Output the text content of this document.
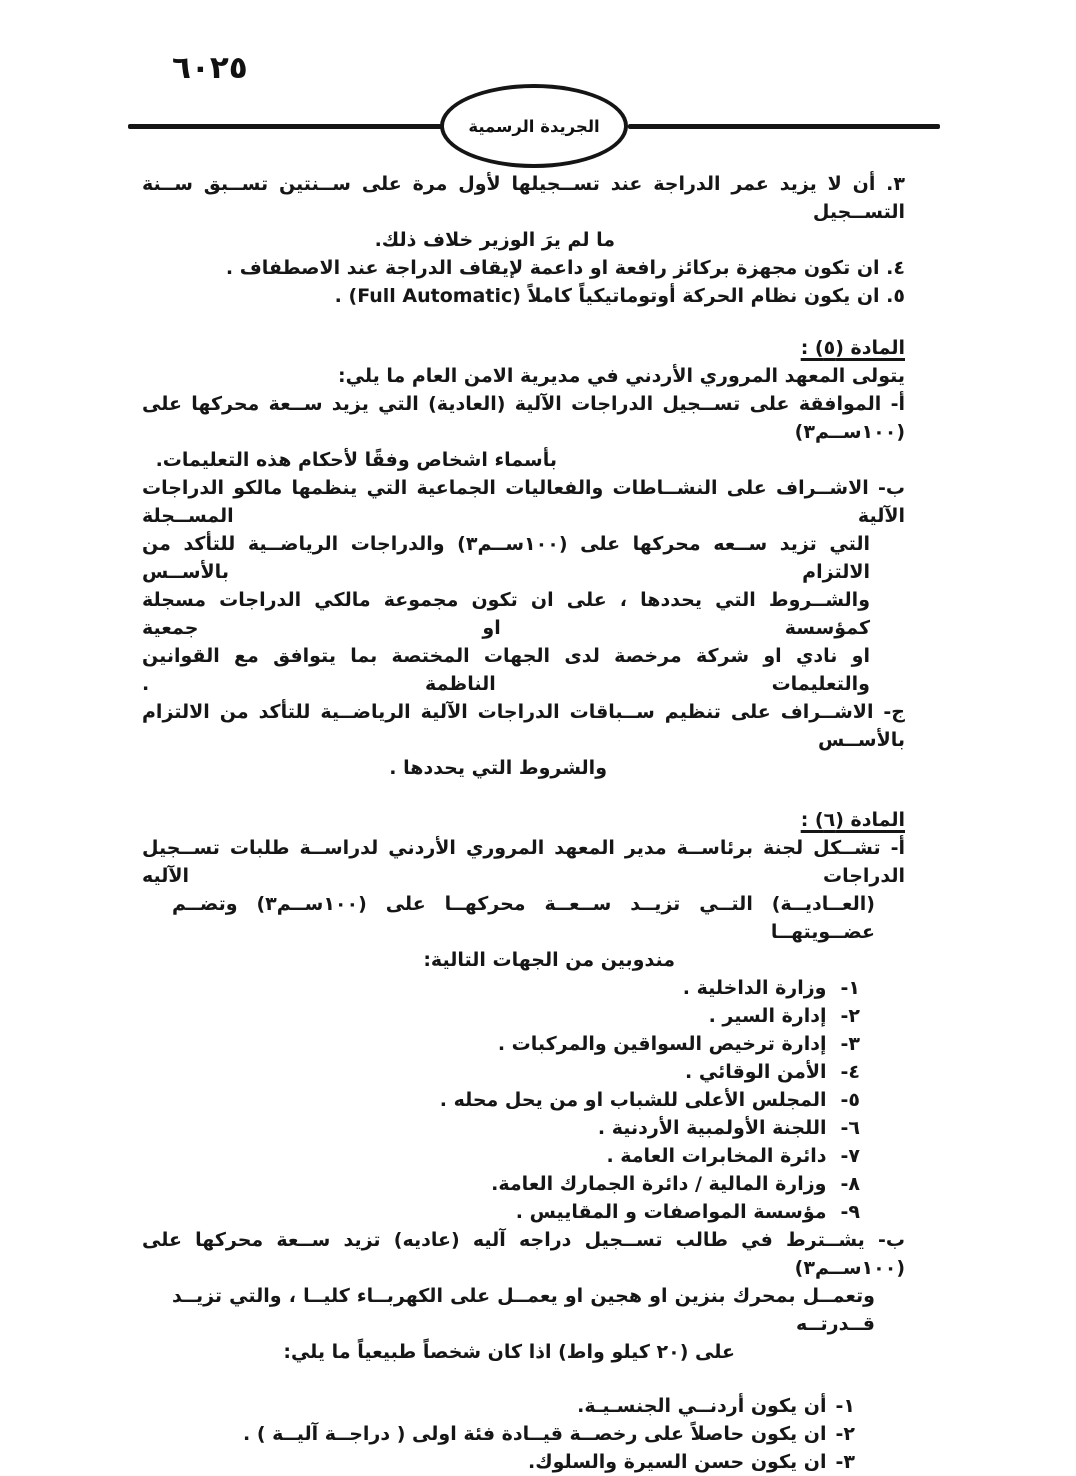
٦٠٢٥
الجريدة الرسمية
٣. أن لا يزيد عمر الدراجة عند تســجيلها لأول مرة على ســنتين تســبق ســنة التســجيل
ما لم يرَ الوزير خلاف ذلك.
٤. ان تكون مجهزة بركائز رافعة او داعمة لإيقاف الدراجة عند الاصطفاف .
٥. ان يكون نظام الحركة أوتوماتيكياً كاملاً (Full Automatic) .
المادة (٥) :
يتولى المعهد المروري الأردني في مديرية الامن العام ما يلي:
أ- الموافقة على تســجيل الدراجات الآلية (العادية) التي يزيد ســعة محركها على (١٠٠ســم٣)
بأسماء اشخاص وفقًا لأحكام هذه التعليمات.
ب- الاشــراف على النشــاطات والفعاليات الجماعية التي ينظمها مالكو الدراجات الآلية المســجلة
التي تزيد ســعه محركها على (١٠٠ســم٣) والدراجات الرياضــية للتأكد من الالتزام بالأســس
والشــروط التي يحددها ، على ان تكون مجموعة مالكي الدراجات مسجلة كمؤسسة او جمعية
او نادي او شركة مرخصة لدى الجهات المختصة بما يتوافق مع القوانين والتعليمات الناظمة .
ج- الاشــراف على تنظيم ســباقات الدراجات الآلية الرياضــية للتأكد من الالتزام بالأســس
والشروط التي يحددها .
المادة (٦) :
أ- تشــكل لجنة برئاســة مدير المعهد المروري الأردني لدراســة طلبات تســجيل الدراجات الآليه
(العــاديــة) التــي تزيــد ســعــة محركهــا على (١٠٠ســم٣) وتضــم عضــويتهــا
مندوبين من الجهات التالية:
١-وزارة الداخلية .
٢-إدارة السير .
٣-إدارة ترخيص السواقين والمركبات .
٤-الأمن الوقائي .
٥-المجلس الأعلى للشباب او من يحل محله .
٦-اللجنة الأولمبية الأردنية .
٧-دائرة المخابرات العامة .
٨-وزارة المالية / دائرة الجمارك العامة.
٩-مؤسسة المواصفات و المقاييس .
ب- يشــترط في طالب تســجيل دراجه آليه (عاديه) تزيد ســعة محركها على (١٠٠ســم٣)
وتعمــل بمحرك بنزين او هجين او يعمــل على الكهربــاء كليــا ، والتي تزيــد قــدرتــه
على (٢٠ كيلو واط) اذا كان شخصاً طبيعياً ما يلي:
١-أن يكون أردنــي الجنسـيـة.
٢-ان يكون حاصلاً على رخصــة قيــادة فئة اولى ( دراجــة آليــة ) .
٣-ان يكون حسن السيرة والسلوك.
